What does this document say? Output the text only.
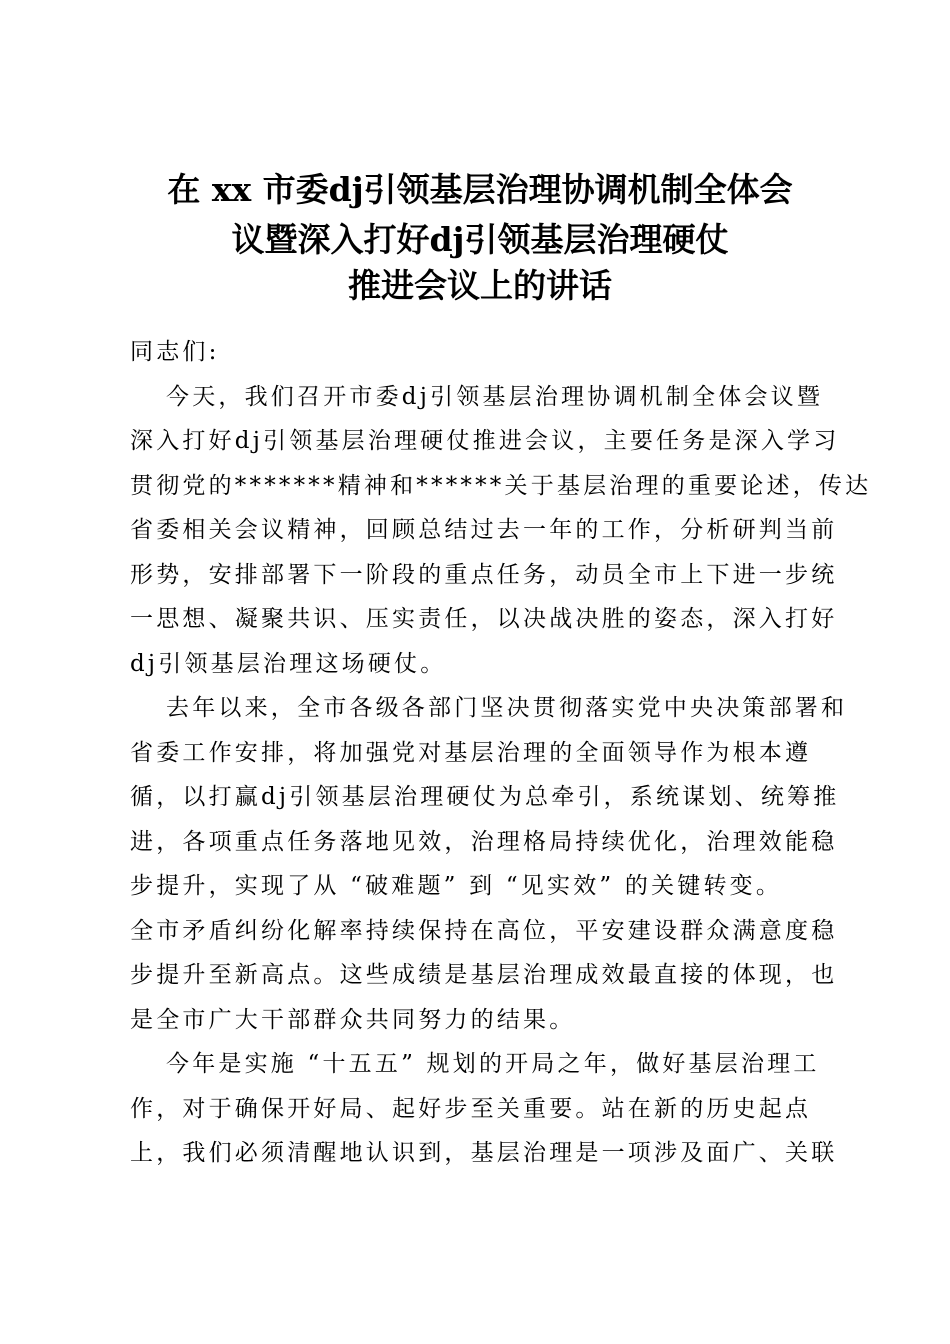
在 xx 市委dj引领基层治理协调机制全体会
议暨深入打好dj引领基层治理硬仗
推进会议上的讲话
同志们:
今天，我们召开市委dj引领基层治理协调机制全体会议暨
深入打好dj引领基层治理硬仗推进会议，主要任务是深入学习
贯彻党的*******精神和******关于基层治理的重要论述，传达
省委相关会议精神，回顾总结过去一年的工作，分析研判当前
形势，安排部署下一阶段的重点任务，动员全市上下进一步统
一思想、凝聚共识、压实责任，以决战决胜的姿态，深入打好
dj引领基层治理这场硬仗。
去年以来，全市各级各部门坚决贯彻落实党中央决策部署和
省委工作安排，将加强党对基层治理的全面领导作为根本遵
循，以打赢dj引领基层治理硬仗为总牵引，系统谋划、统筹推
进，各项重点任务落地见效，治理格局持续优化，治理效能稳
步提升，实现了从 “破难题” 到 “见实效” 的关键转变。
全市矛盾纠纷化解率持续保持在高位，平安建设群众满意度稳
步提升至新高点。这些成绩是基层治理成效最直接的体现，也
是全市广大干部群众共同努力的结果。
今年是实施 “十五五” 规划的开局之年，做好基层治理工
作，对于确保开好局、起好步至关重要。站在新的历史起点
上，我们必须清醒地认识到，基层治理是一项涉及面广、关联
